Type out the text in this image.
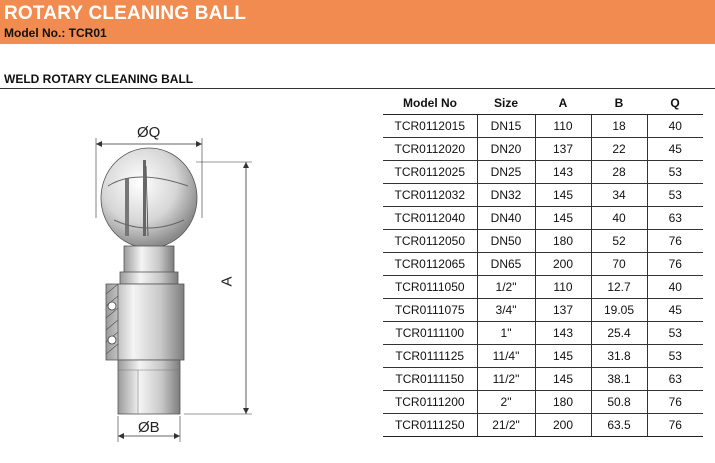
ROTARY CLEANING BALL
Model No.: TCR01
WELD ROTARY CLEANING BALL
ØQ
A
ØB
Model No	Size	A	B	Q
TCR0112015	DN15	110	18	40
TCR0112020	DN20	137	22	45
TCR0112025	DN25	143	28	53
TCR0112032	DN32	145	34	53
TCR0112040	DN40	145	40	63
TCR0112050	DN50	180	52	76
TCR0112065	DN65	200	70	76
TCR0111050	1/2"	110	12.7	40
TCR0111075	3/4"	137	19.05	45
TCR0111100	1"	143	25.4	53
TCR0111125	11/4"	145	31.8	53
TCR0111150	11/2"	145	38.1	63
TCR0111200	2"	180	50.8	76
TCR0111250	21/2"	200	63.5	76
